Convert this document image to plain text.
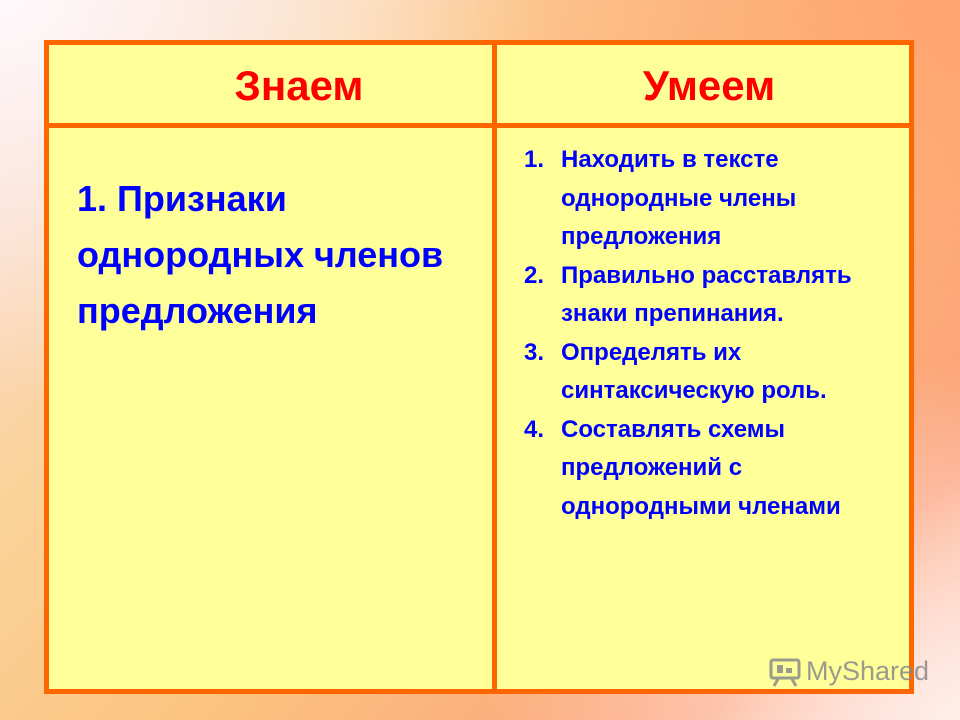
Знаем	Умеем

1. Признаки однородных членов предложения

1. Находить в тексте однородные члены предложения
2. Правильно расставлять знаки препинания.
3. Определять их синтаксическую роль.
4. Составлять схемы предложений с однородными членами
MyShared
